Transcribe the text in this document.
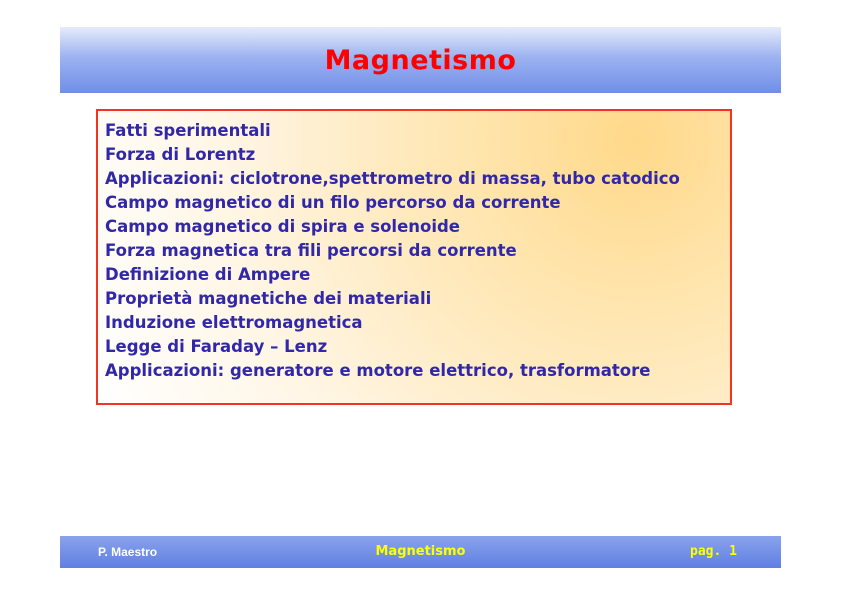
Magnetismo
Fatti sperimentali
Forza di Lorentz
Applicazioni: ciclotrone,spettrometro di massa, tubo catodico
Campo magnetico di un filo percorso da corrente
Campo magnetico di spira e solenoide
Forza magnetica tra fili percorsi da corrente
Definizione di Ampere
Proprietà magnetiche dei materiali
Induzione elettromagnetica
Legge di Faraday – Lenz
Applicazioni: generatore e motore elettrico, trasformatore
P. Maestro	Magnetismo	pag. 1
